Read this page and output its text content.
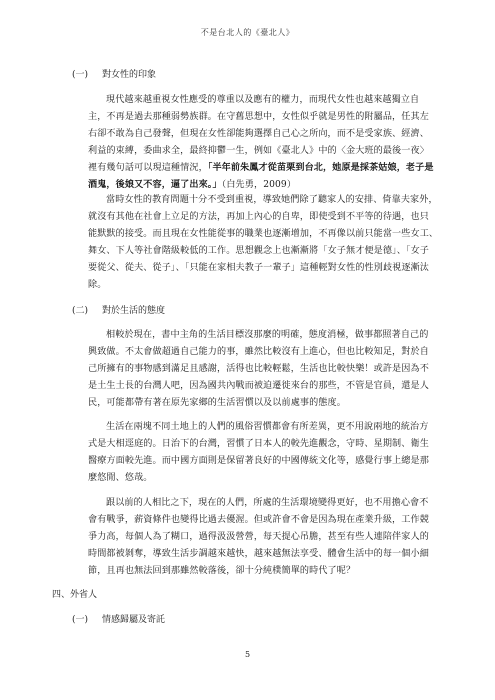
不是台北人的《臺北人》
(一) 對女性的印象
現代越來越重視女性應受的尊重以及應有的權力，而現代女性也越來越獨立自
主，不再是過去那種弱勢族群。在守舊思想中，女性似乎就是男性的附屬品，任其左
右卻不敢為自己發聲，但現在女性卻能夠選擇自己心之所向，而不是受家族、經濟、
利益的束縛，委曲求全，最終抑鬱一生，例如《臺北人》中的〈金大班的最後一夜〉
裡有幾句話可以現這種情況，「半年前朱鳳才從苗栗到台北，她原是採茶姑娘，老子是
酒鬼，後娘又不容，逼了出來。」（白先勇，2009）
當時女性的教育問題十分不受到重視，導致她們除了聽家人的安排、倚靠夫家外，
就沒有其他在社會上立足的方法，再加上內心的自卑，即使受到不平等的待遇，也只
能默默的接受。而且現在女性能從事的職業也逐漸增加，不再像以前只能當一些女工、
舞女、下人等社會階級較低的工作。思想觀念上也漸漸將「女子無才便是德」、「女子
要從父、從夫、從子」、「只能在家相夫教子一輩子」這種輕對女性的性別歧視逐漸汰
除。
(二) 對於生活的態度
相較於現在，書中主角的生活目標沒那麼的明確，態度消極，做事都照著自己的
興致做。不太會做超過自己能力的事，雖然比較沒有上進心，但也比較知足，對於自
己所擁有的事物感到滿足且感謝，活得也比較輕鬆，生活也比較快樂！或許是因為不
是土生土長的台灣人吧，因為國共內戰而被迫遷徙來台的那些，不管是官員，還是人
民，可能都帶有著在原先家鄉的生活習慣以及以前處事的態度。
生活在兩塊不同土地上的人們的風俗習慣都會有所差異，更不用說兩地的統治方
式是大相逕庭的。日治下的台灣，習慣了日本人的較先進觀念，守時、星期制、衛生
醫療方面較先進。而中國方面則是保留著良好的中國傳統文化等，感覺行事上總是那
麼悠閒、悠哉。
跟以前的人相比之下，現在的人們，所處的生活環境變得更好，也不用擔心會不
會有戰爭，薪資條件也變得比過去優渥。但或許會不會是因為現在產業升級，工作競
爭力高，每個人為了糊口，過得汲汲營營，每天提心吊膽，甚至有些人連陪伴家人的
時間都被剝奪，導致生活步調越來越快，越來越無法享受、體會生活中的每一個小細
節，且再也無法回到那雖然較落後，卻十分純樸簡單的時代了呢？
四、外省人
(一) 情感歸屬及寄託
5
